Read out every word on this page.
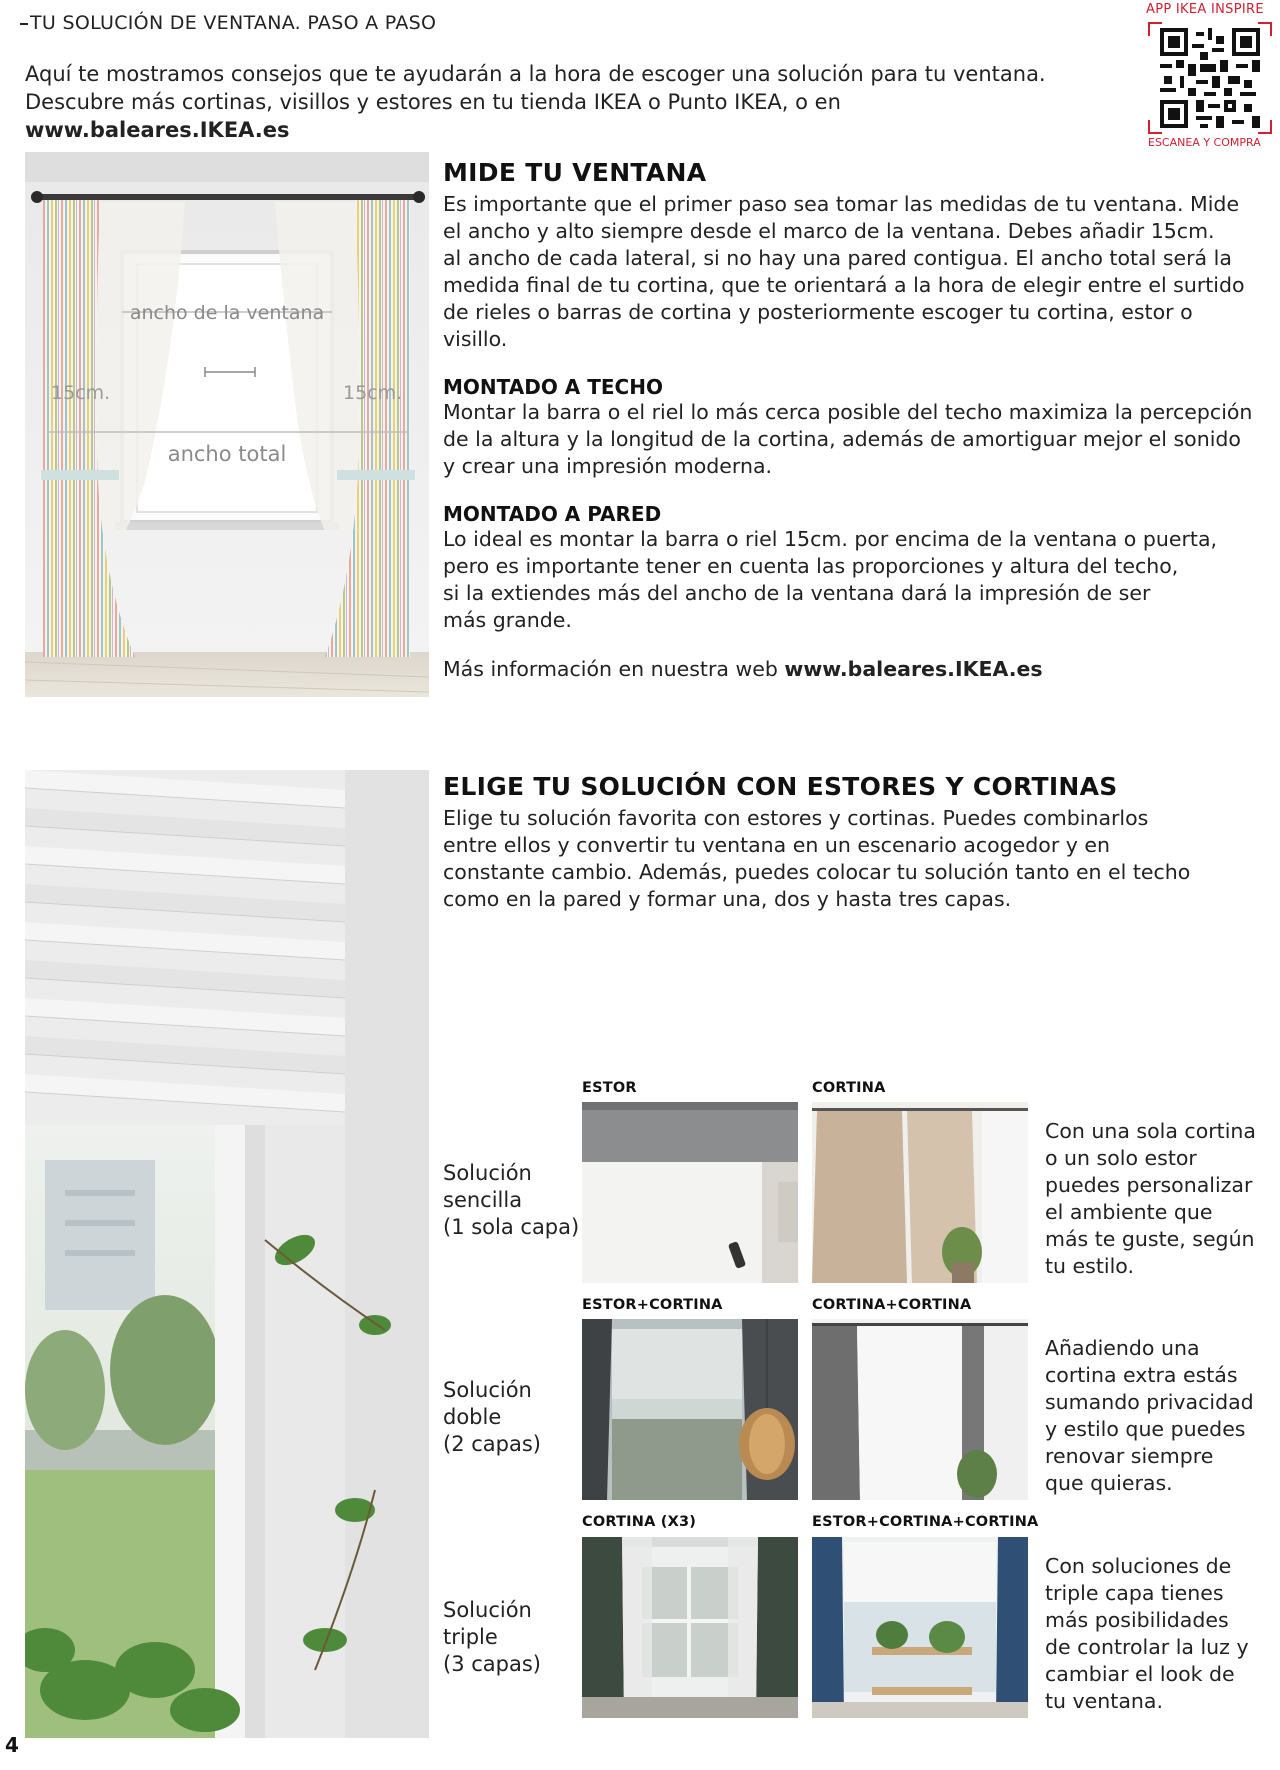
TU SOLUCIÓN DE VENTANA. PASO A PASO
Aquí te mostramos consejos que te ayudarán a la hora de escoger una solución para tu ventana.
Descubre más cortinas, visillos y estores en tu tienda IKEA o Punto IKEA, o en www.baleares.IKEA.es
APP IKEA INSPIRE
ESCANEA Y COMPRA
ancho de la ventana
15cm.	15cm.
ancho total
MIDE TU VENTANA
Es importante que el primer paso sea tomar las medidas de tu ventana. Mide
el ancho y alto siempre desde el marco de la ventana. Debes añadir 15cm.
al ancho de cada lateral, si no hay una pared contigua. El ancho total será la
medida final de tu cortina, que te orientará a la hora de elegir entre el surtido
de rieles o barras de cortina y posteriormente escoger tu cortina, estor o
visillo.
MONTADO A TECHO
Montar la barra o el riel lo más cerca posible del techo maximiza la percepción
de la altura y la longitud de la cortina, además de amortiguar mejor el sonido
y crear una impresión moderna.
MONTADO A PARED
Lo ideal es montar la barra o riel 15cm. por encima de la ventana o puerta,
pero es importante tener en cuenta las proporciones y altura del techo,
si la extiendes más del ancho de la ventana dará la impresión de ser
más grande.
Más información en nuestra web www.baleares.IKEA.es
ELIGE TU SOLUCIÓN CON ESTORES Y CORTINAS
Elige tu solución favorita con estores y cortinas. Puedes combinarlos
entre ellos y convertir tu ventana en un escenario acogedor y en
constante cambio. Además, puedes colocar tu solución tanto en el techo
como en la pared y formar una, dos y hasta tres capas.
ESTOR	CORTINA
Solución
sencilla
(1 sola capa)
Con una sola cortina
o un solo estor
puedes personalizar
el ambiente que
más te guste, según
tu estilo.
ESTOR+CORTINA	CORTINA+CORTINA
Solución
doble
(2 capas)
Añadiendo una
cortina extra estás
sumando privacidad
y estilo que puedes
renovar siempre
que quieras.
CORTINA (X3)	ESTOR+CORTINA+CORTINA
Solución
triple
(3 capas)
Con soluciones de
triple capa tienes
más posibilidades
de controlar la luz y
cambiar el look de
tu ventana.
4
